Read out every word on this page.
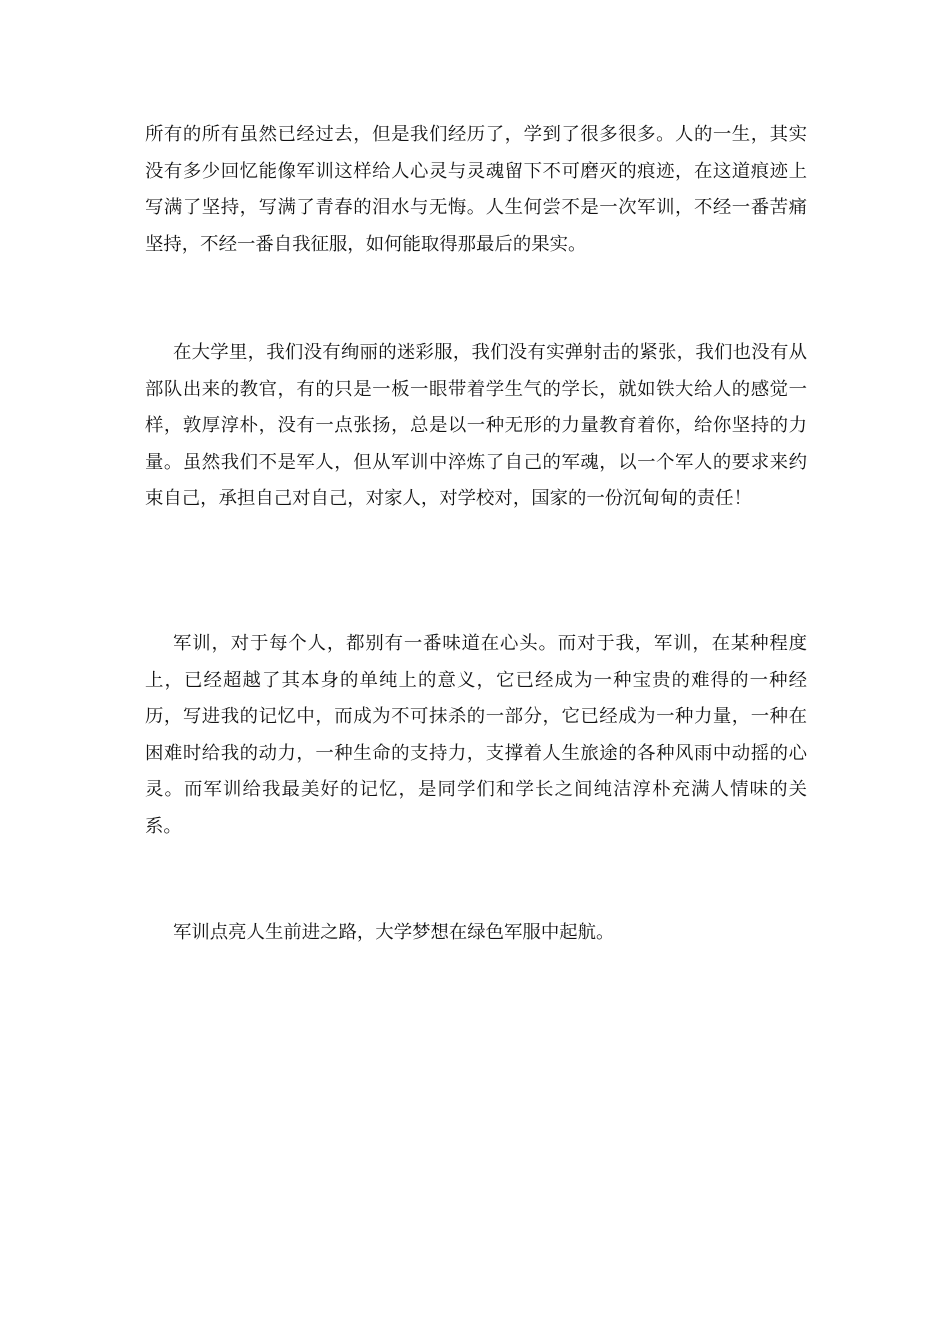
所有的所有虽然已经过去，但是我们经历了，学到了很多很多。人的一生，其实没有多少回忆能像军训这样给人心灵与灵魂留下不可磨灭的痕迹，在这道痕迹上写满了坚持，写满了青春的泪水与无悔。人生何尝不是一次军训，不经一番苦痛坚持，不经一番自我征服，如何能取得那最后的果实。

在大学里，我们没有绚丽的迷彩服，我们没有实弹射击的紧张，我们也没有从部队出来的教官，有的只是一板一眼带着学生气的学长，就如铁大给人的感觉一样，敦厚淳朴，没有一点张扬，总是以一种无形的力量教育着你，给你坚持的力量。虽然我们不是军人，但从军训中淬炼了自己的军魂，以一个军人的要求来约束自己，承担自己对自己，对家人，对学校对，国家的一份沉甸甸的责任！

军训，对于每个人，都别有一番味道在心头。而对于我，军训，在某种程度上，已经超越了其本身的单纯上的意义，它已经成为一种宝贵的难得的一种经历，写进我的记忆中，而成为不可抹杀的一部分，它已经成为一种力量，一种在困难时给我的动力，一种生命的支持力，支撑着人生旅途的各种风雨中动摇的心灵。而军训给我最美好的记忆，是同学们和学长之间纯洁淳朴充满人情味的关系。

军训点亮人生前进之路，大学梦想在绿色军服中起航。
